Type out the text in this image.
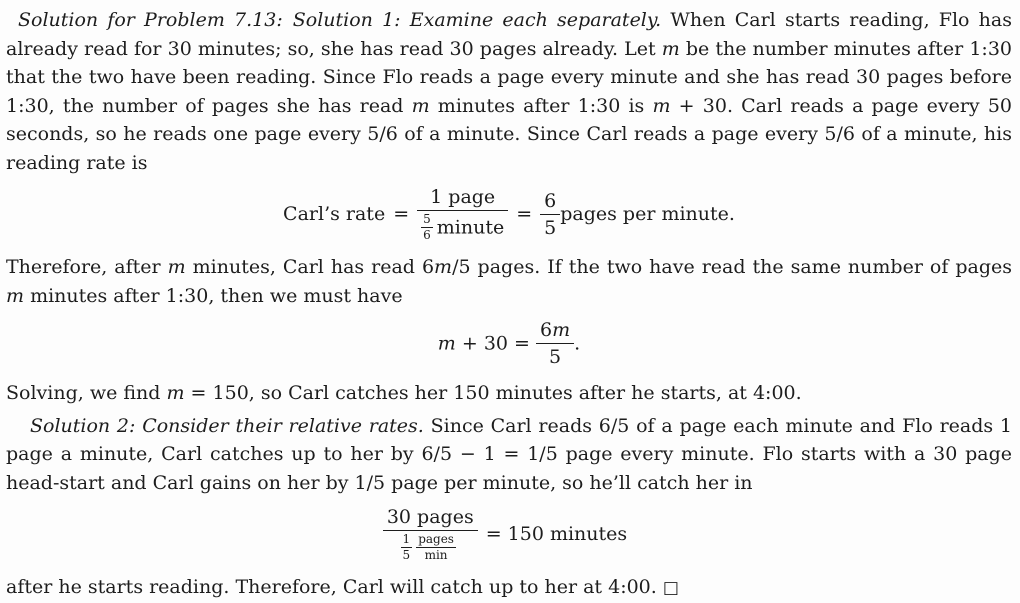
Solution for Problem 7.13: Solution 1: Examine each separately. When Carl starts reading, Flo has already read for 30 minutes; so, she has read 30 pages already. Let m be the number minutes after 1:30 that the two have been reading. Since Flo reads a page every minute and she has read 30 pages before 1:30, the number of pages she has read m minutes after 1:30 is m + 30. Carl reads a page every 50 seconds, so he reads one page every 5/6 of a minute. Since Carl reads a page every 5/6 of a minute, his reading rate is

Carl’s rate = $\frac{\text{1 page}}{\frac{5}{6} minute} = \frac{6}{5}$ pages per minute.

Therefore, after m minutes, Carl has read 6m/5 pages. If the two have read the same number of pages m minutes after 1:30, then we must have

$m + 30 = \frac{6m}{5}$ .

Solving, we find m = 150, so Carl catches her 150 minutes after he starts, at 4:00.

Solution 2: Consider their relative rates. Since Carl reads 6/5 of a page each minute and Flo reads 1 page a minute, Carl catches up to her by 6/5 − 1 = 1/5 page every minute. Flo starts with a 30 page head-start and Carl gains on her by 1/5 page per minute, so he’ll catch her in

30 pages
$\frac{1}{5}$ pages
min = 150 minutes

after he starts reading. Therefore, Carl will catch up to her at 4:00. □
